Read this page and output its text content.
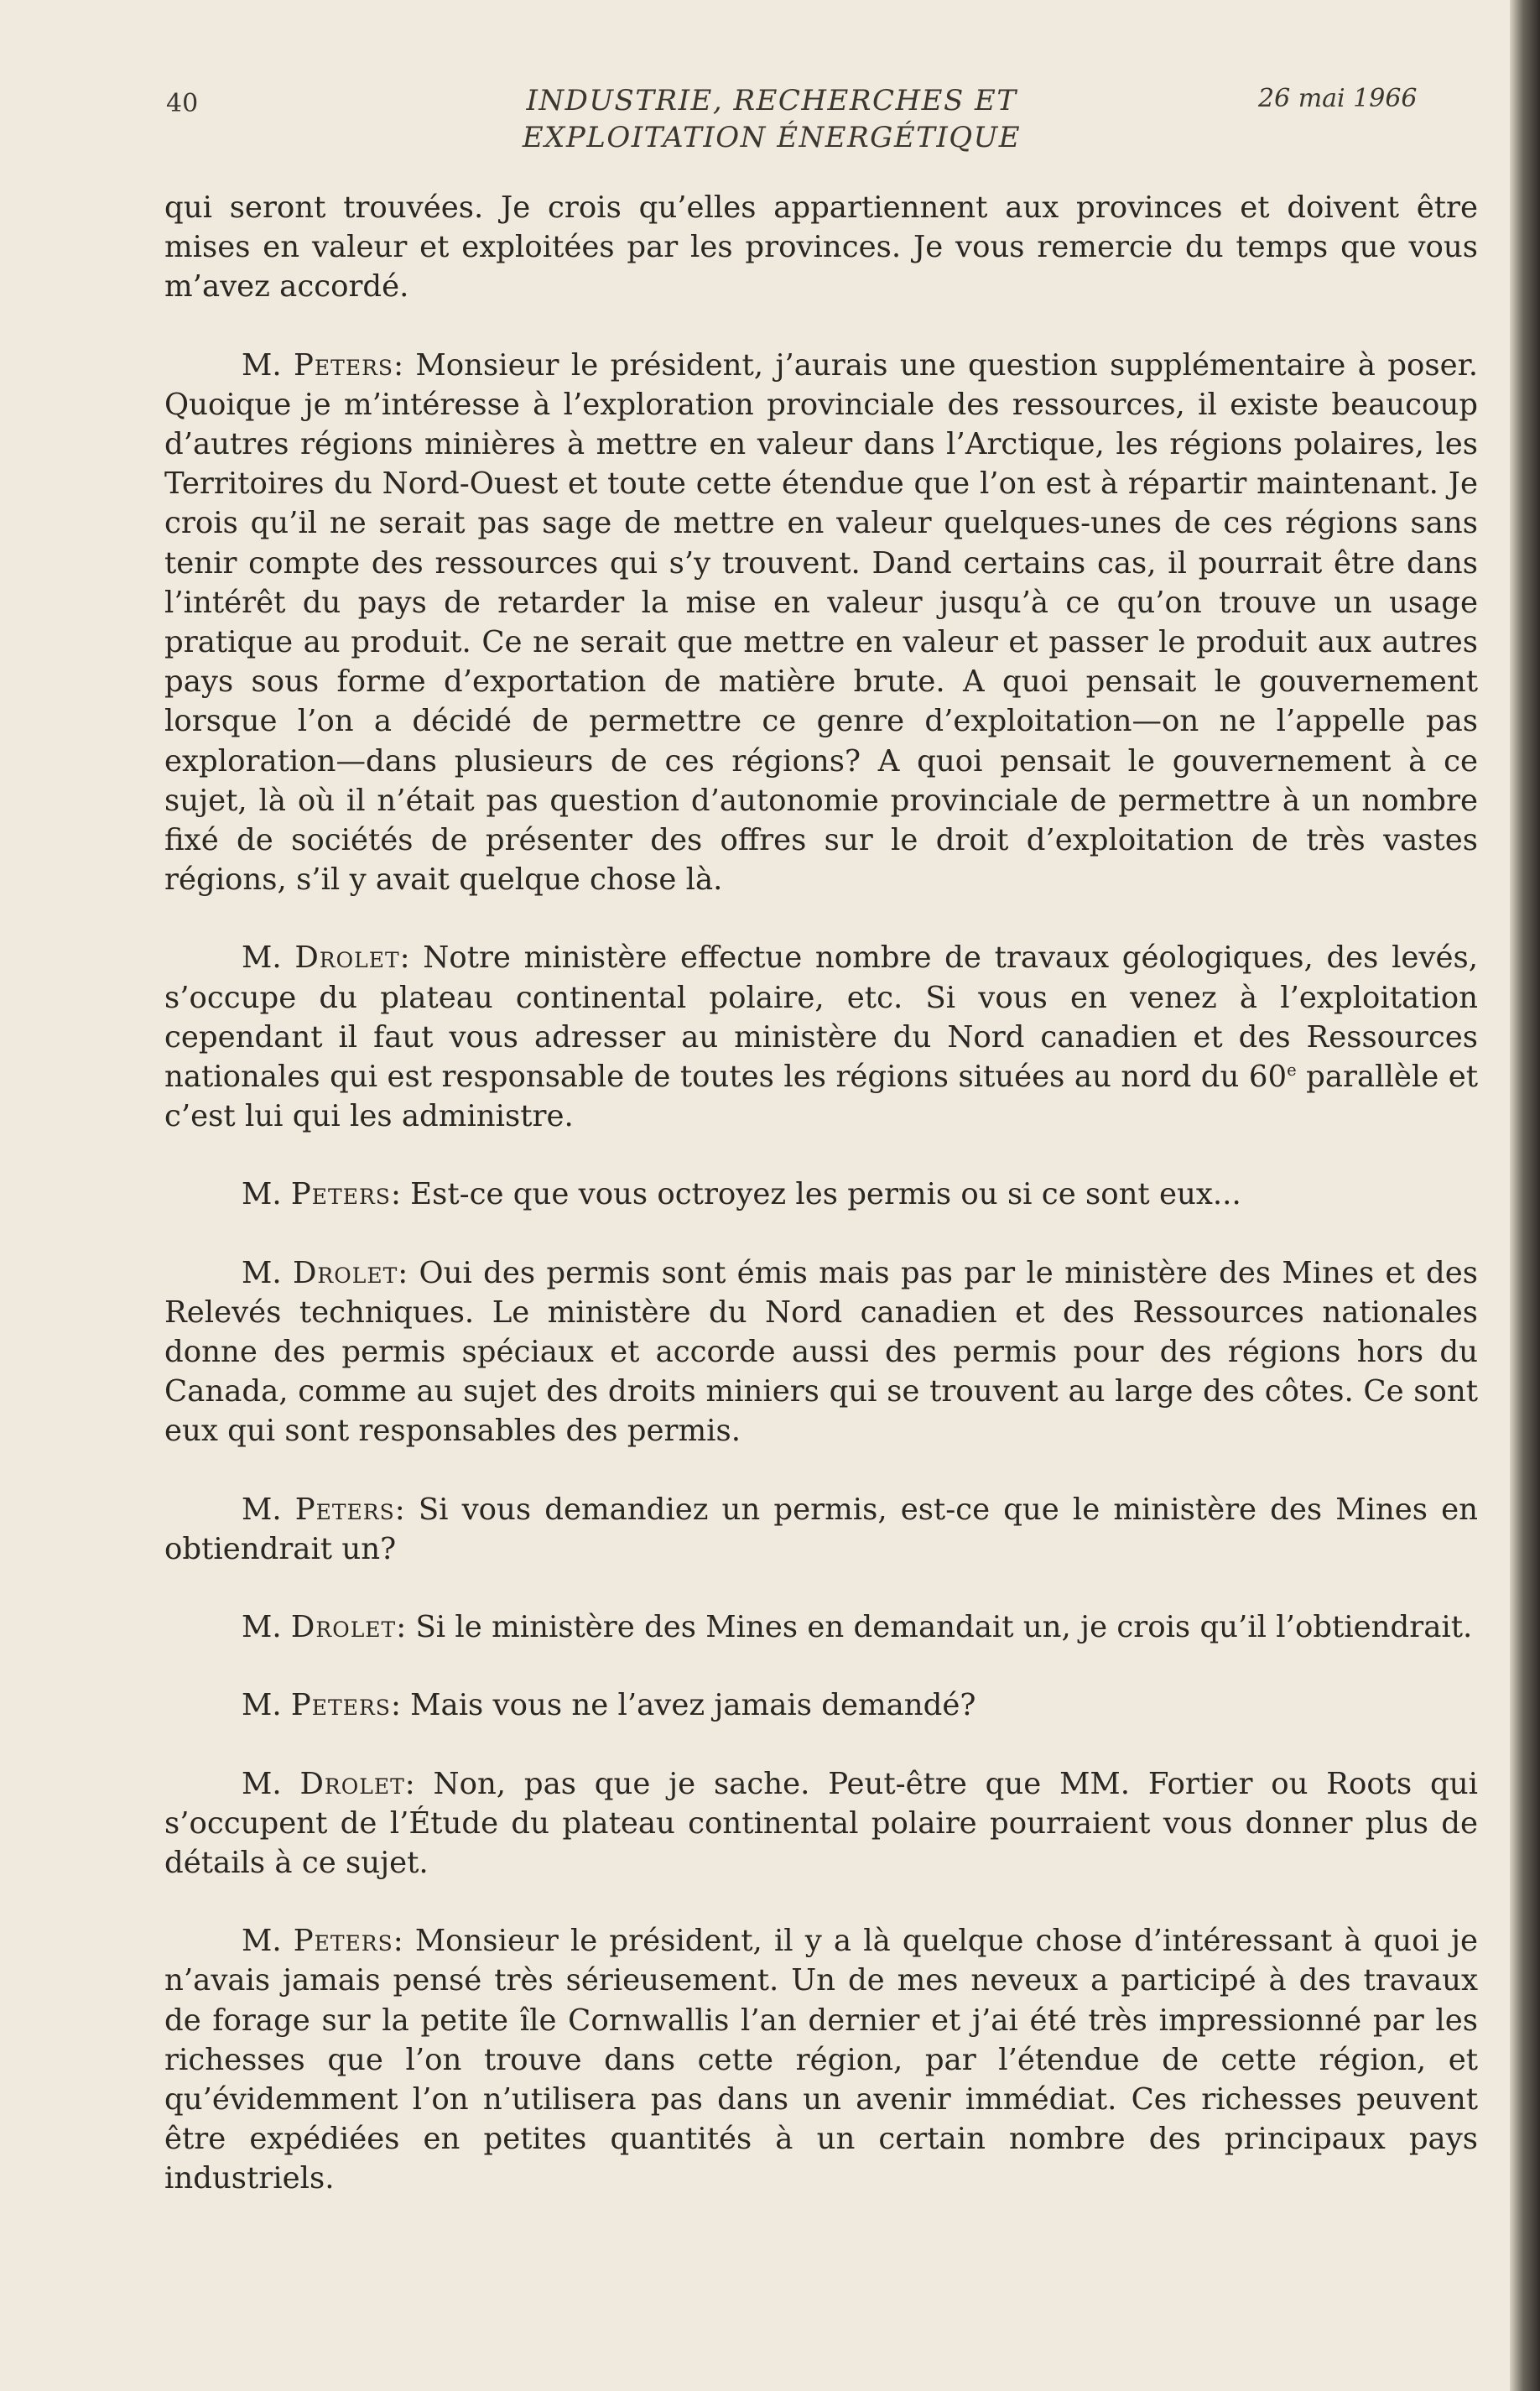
40	INDUSTRIE, RECHERCHES ET
EXPLOITATION ÉNERGÉTIQUE
26 mai 1966

qui seront trouvées. Je crois qu’elles appartiennent aux provinces et doivent être mises en valeur et exploitées par les provinces. Je vous remercie du temps que vous m’avez accordé.

M. Peters: Monsieur le président, j’aurais une question supplémentaire à poser. Quoique je m’intéresse à l’exploration provinciale des ressources, il existe beaucoup d’autres régions minières à mettre en valeur dans l’Arctique, les régions polaires, les Territoires du Nord-Ouest et toute cette étendue que l’on est à répartir maintenant. Je crois qu’il ne serait pas sage de mettre en valeur quelques-unes de ces régions sans tenir compte des ressources qui s’y trouvent. Dand certains cas, il pourrait être dans l’intérêt du pays de retarder la mise en valeur jusqu’à ce qu’on trouve un usage pratique au produit. Ce ne serait que mettre en valeur et passer le produit aux autres pays sous forme d’exportation de matière brute. A quoi pensait le gouvernement lorsque l’on a décidé de permettre ce genre d’exploitation—on ne l’appelle pas exploration—dans plusieurs de ces régions? A quoi pensait le gouvernement à ce sujet, là où il n’était pas question d’autonomie provinciale de permettre à un nombre fixé de sociétés de présenter des offres sur le droit d’exploitation de très vastes régions, s’il y avait quelque chose là.

M. Drolet: Notre ministère effectue nombre de travaux géologiques, des levés, s’occupe du plateau continental polaire, etc. Si vous en venez à l’exploitation cependant il faut vous adresser au ministère du Nord canadien et des Ressources nationales qui est responsable de toutes les régions situées au nord du 60e parallèle et c’est lui qui les administre.

M. Peters: Est-ce que vous octroyez les permis ou si ce sont eux...

M. Drolet: Oui des permis sont émis mais pas par le ministère des Mines et des Relevés techniques. Le ministère du Nord canadien et des Ressources nationales donne des permis spéciaux et accorde aussi des permis pour des régions hors du Canada, comme au sujet des droits miniers qui se trouvent au large des côtes. Ce sont eux qui sont responsables des permis.

M. Peters: Si vous demandiez un permis, est-ce que le ministère des Mines en obtiendrait un?

M. Drolet: Si le ministère des Mines en demandait un, je crois qu’il l’obtiendrait.

M. Peters: Mais vous ne l’avez jamais demandé?

M. Drolet: Non, pas que je sache. Peut-être que MM. Fortier ou Roots qui s’occupent de l’Étude du plateau continental polaire pourraient vous donner plus de détails à ce sujet.

M. Peters: Monsieur le président, il y a là quelque chose d’intéressant à quoi je n’avais jamais pensé très sérieusement. Un de mes neveux a participé à des travaux de forage sur la petite île Cornwallis l’an dernier et j’ai été très impressionné par les richesses que l’on trouve dans cette région, par l’étendue de cette région, et qu’évidemment l’on n’utilisera pas dans un avenir immédiat. Ces richesses peuvent être expédiées en petites quantités à un certain nombre des principaux pays industriels.
